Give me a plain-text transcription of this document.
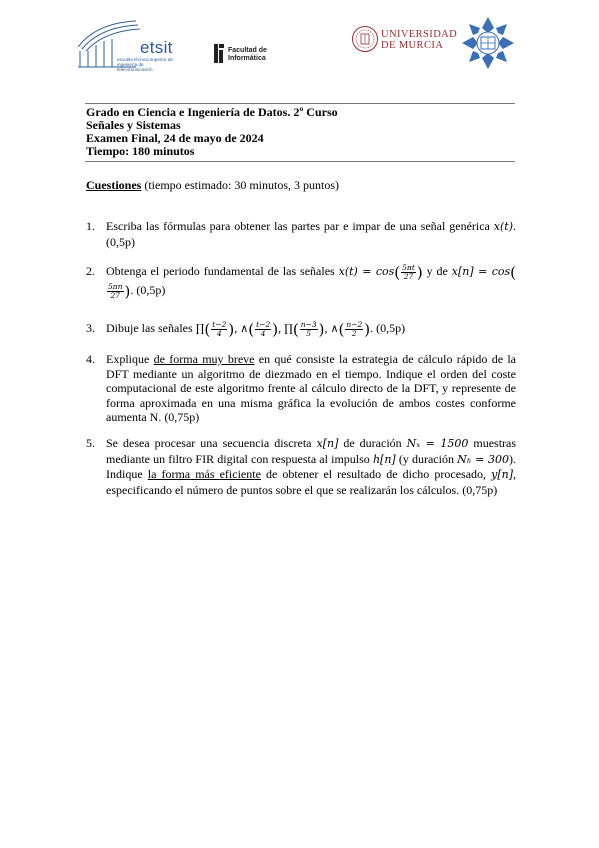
etsit
escuela técnica superior de ingeniería de telecomunicación
Facultad de
Informática
UNIVERSIDAD
DE MURCIA
Grado en Ciencia e Ingeniería de Datos. 2º Curso
Señales y Sistemas
Examen Final, 24 de mayo de 2024
Tiempo: 180 minutos
Cuestiones (tiempo estimado: 30 minutos, 3 puntos)
1. Escriba las fórmulas para obtener las partes par e impar de una señal genérica x(t). (0,5p)
2. Obtenga el periodo fundamental de las señales $x(t) = \cos( \frac{5\pi t}{27}$ ) y de x[n] = cos(
$\frac{5\pi n}{27}$ ). (0,5p)
3. Dibuje las señales ∏( $\frac{t-2}{4}$ ), ∧( $\frac{t-2}{4}$ ), ∏( $\frac{n-3}{5}$ ), ∧( $\frac{n-2}{2}$ ). (0,5p)
4. Explique de forma muy breve en qué consiste la estrategia de cálculo rápido de la DFT mediante un algoritmo de diezmado en el tiempo. Indique el orden del coste computacional de este algoritmo frente al cálculo directo de la DFT, y represente de forma aproximada en una misma gráfica la evolución de ambos costes conforme aumenta N. (0,75p)
5. Se desea procesar una secuencia discreta x[n] de duración Nₓ = 1500 muestras mediante un filtro FIR digital con respuesta al impulso h[n] (y duración Nₕ = 300). Indique la forma más eficiente de obtener el resultado de dicho procesado, y[n], especificando el número de puntos sobre el que se realizarán los cálculos. (0,75p)
